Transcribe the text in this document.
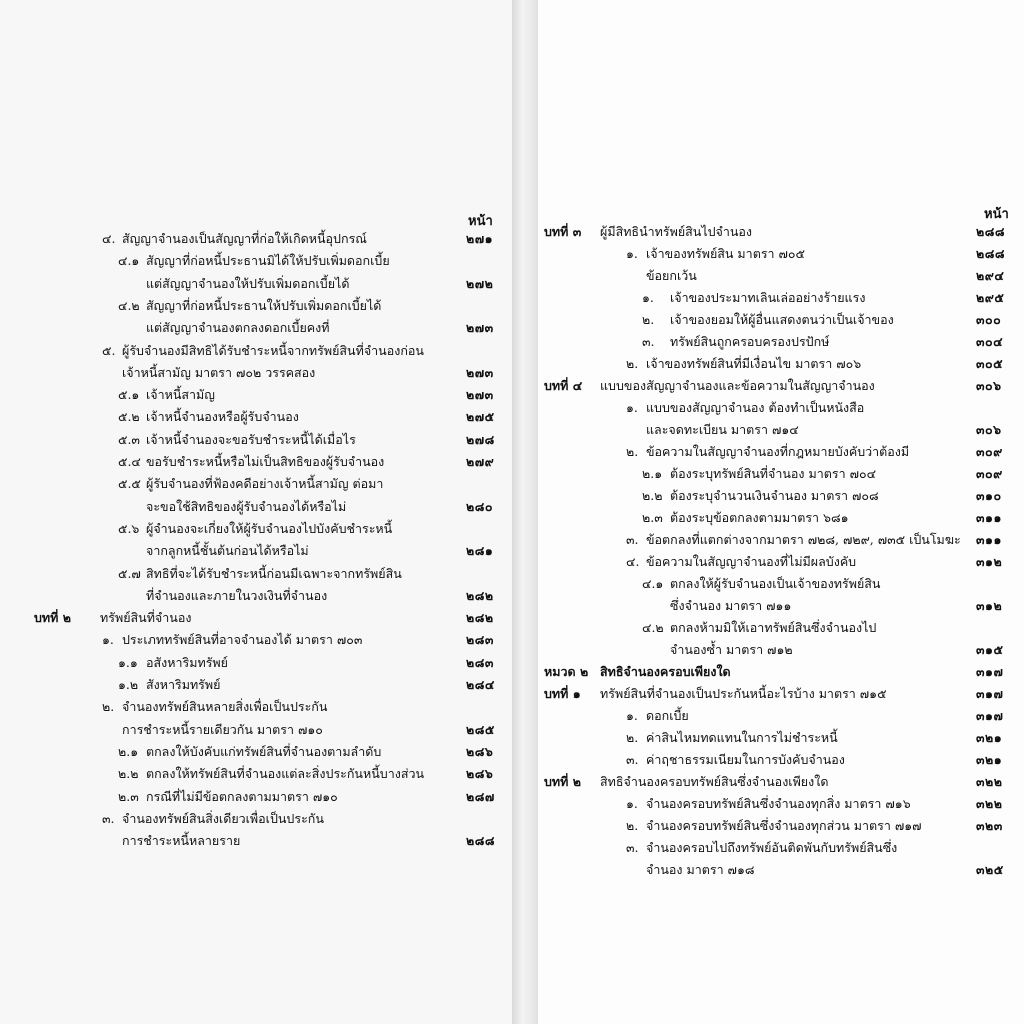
หน้า
๔. สัญญาจำนองเป็นสัญญาที่ก่อให้เกิดหนี้อุปกรณ์	๒๗๑
๔.๑ สัญญาที่ก่อหนี้ประธานมิได้ให้ปรับเพิ่มดอกเบี้ย
แต่สัญญาจำนองให้ปรับเพิ่มดอกเบี้ยได้	๒๗๒
๔.๒ สัญญาที่ก่อหนี้ประธานให้ปรับเพิ่มดอกเบี้ยได้
แต่สัญญาจำนองตกลงดอกเบี้ยคงที่	๒๗๓
๕. ผู้รับจำนองมีสิทธิได้รับชำระหนี้จากทรัพย์สินที่จำนองก่อน
เจ้าหนี้สามัญ มาตรา ๗๐๒ วรรคสอง	๒๗๓
๕.๑ เจ้าหนี้สามัญ	๒๗๓
๕.๒ เจ้าหนี้จำนองหรือผู้รับจำนอง	๒๗๕
๕.๓ เจ้าหนี้จำนองจะขอรับชำระหนี้ได้เมื่อไร	๒๗๘
๕.๔ ขอรับชำระหนี้หรือไม่เป็นสิทธิของผู้รับจำนอง	๒๗๙
๕.๕ ผู้รับจำนองที่ฟ้องคดีอย่างเจ้าหนี้สามัญ ต่อมา
จะขอใช้สิทธิของผู้รับจำนองได้หรือไม่	๒๘๐
๕.๖ ผู้จำนองจะเกี่ยงให้ผู้รับจำนองไปบังคับชำระหนี้
จากลูกหนี้ชั้นต้นก่อนได้หรือไม่	๒๘๑
๕.๗ สิทธิที่จะได้รับชำระหนี้ก่อนมีเฉพาะจากทรัพย์สิน
ที่จำนองและภายในวงเงินที่จำนอง	๒๘๒
บทที่ ๒ ทรัพย์สินที่จำนอง	๒๘๒
๑. ประเภททรัพย์สินที่อาจจำนองได้ มาตรา ๗๐๓	๒๘๓
๑.๑ อสังหาริมทรัพย์	๒๘๓
๑.๒ สังหาริมทรัพย์	๒๘๔
๒. จำนองทรัพย์สินหลายสิ่งเพื่อเป็นประกัน
การชำระหนี้รายเดียวกัน มาตรา ๗๑๐	๒๘๕
๒.๑ ตกลงให้บังคับแก่ทรัพย์สินที่จำนองตามลำดับ	๒๘๖
๒.๒ ตกลงให้ทรัพย์สินที่จำนองแต่ละสิ่งประกันหนี้บางส่วน	๒๘๖
๒.๓ กรณีที่ไม่มีข้อตกลงตามมาตรา ๗๑๐	๒๘๗
๓. จำนองทรัพย์สินสิ่งเดียวเพื่อเป็นประกัน
การชำระหนี้หลายราย	๒๘๘
หน้า
บทที่ ๓ ผู้มีสิทธินำทรัพย์สินไปจำนอง	๒๘๘
๑. เจ้าของทรัพย์สิน มาตรา ๗๐๕	๒๘๘
ข้อยกเว้น	๒๙๔
๑. เจ้าของประมาทเลินเล่ออย่างร้ายแรง	๒๙๕
๒. เจ้าของยอมให้ผู้อื่นแสดงตนว่าเป็นเจ้าของ	๓๐๐
๓. ทรัพย์สินถูกครอบครองปรปักษ์	๓๐๔
๒. เจ้าของทรัพย์สินที่มีเงื่อนไข มาตรา ๗๐๖	๓๐๕
บทที่ ๔ แบบของสัญญาจำนองและข้อความในสัญญาจำนอง	๓๐๖
๑. แบบของสัญญาจำนอง ต้องทำเป็นหนังสือ
และจดทะเบียน มาตรา ๗๑๔	๓๐๖
๒. ข้อความในสัญญาจำนองที่กฎหมายบังคับว่าต้องมี	๓๐๙
๒.๑ ต้องระบุทรัพย์สินที่จำนอง มาตรา ๗๐๔	๓๐๙
๒.๒ ต้องระบุจำนวนเงินจำนอง มาตรา ๗๐๘	๓๑๐
๒.๓ ต้องระบุข้อตกลงตามมาตรา ๖๘๑	๓๑๑
๓. ข้อตกลงที่แตกต่างจากมาตรา ๗๒๘, ๗๒๙, ๗๓๕ เป็นโมฆะ ๓๑๑
๔. ข้อความในสัญญาจำนองที่ไม่มีผลบังคับ	๓๑๒
๔.๑ ตกลงให้ผู้รับจำนองเป็นเจ้าของทรัพย์สิน
ซึ่งจำนอง มาตรา ๗๑๑	๓๑๒
๔.๒ ตกลงห้ามมิให้เอาทรัพย์สินซึ่งจำนองไป
จำนองซ้ำ มาตรา ๗๑๒	๓๑๕
หมวด ๒ สิทธิจำนองครอบเพียงใด	๓๑๗
บทที่ ๑ ทรัพย์สินที่จำนองเป็นประกันหนี้อะไรบ้าง มาตรา ๗๑๕	๓๑๗
๑. ดอกเบี้ย	๓๑๗
๒. ค่าสินไหมทดแทนในการไม่ชำระหนี้	๓๒๑
๓. ค่าฤชาธรรมเนียมในการบังคับจำนอง	๓๒๑
บทที่ ๒ สิทธิจำนองครอบทรัพย์สินซึ่งจำนองเพียงใด	๓๒๒
๑. จำนองครอบทรัพย์สินซึ่งจำนองทุกสิ่ง มาตรา ๗๑๖	๓๒๒
๒. จำนองครอบทรัพย์สินซึ่งจำนองทุกส่วน มาตรา ๗๑๗	๓๒๓
๓. จำนองครอบไปถึงทรัพย์อันติดพันกับทรัพย์สินซึ่ง
จำนอง มาตรา ๗๑๘	๓๒๕
